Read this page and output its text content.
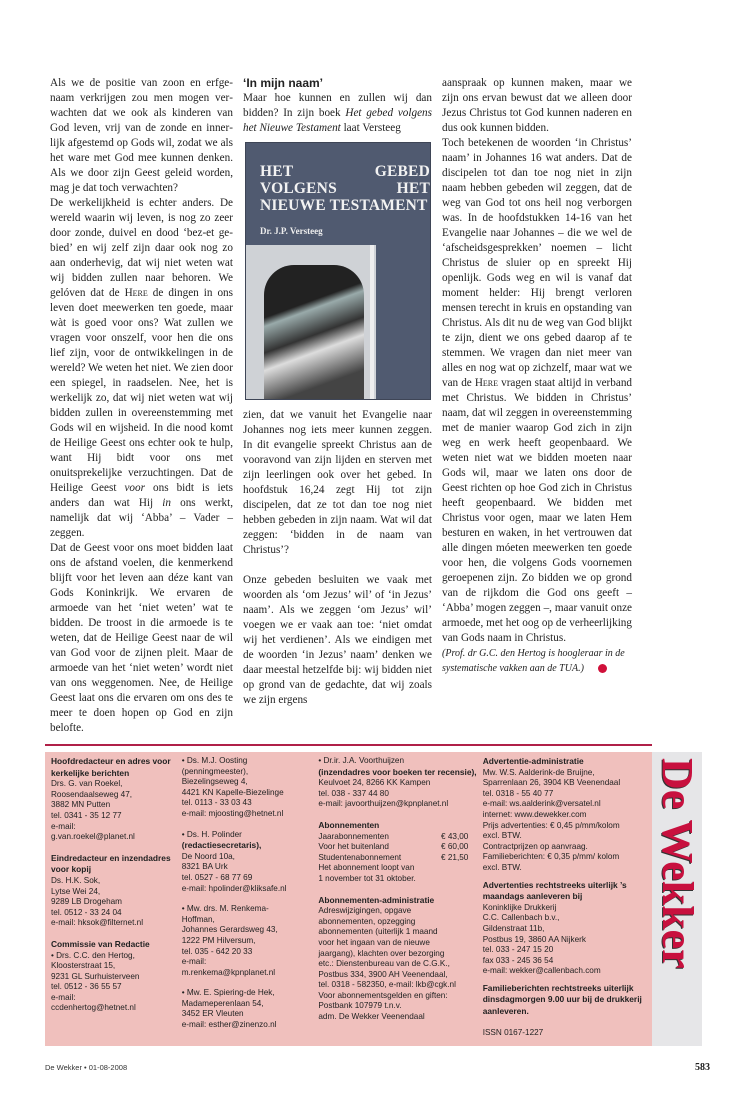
Als we de positie van zoon en erfgenaam verkrijgen zou men mogen verwachten dat we ook als kinderen van God leven, vrij van de zonde en innerlijk afgestemd op Gods wil, zodat we als het ware met God mee kunnen denken. Als we door zijn Geest geleid worden, mag je dat toch verwachten?

De werkelijkheid is echter anders. De wereld waarin wij leven, is nog zo zeer door zonde, duivel en dood ‘bez-et gebied’ en wij zelf zijn daar ook nog zo aan onderhevig, dat wij niet weten wat wij bidden zullen naar behoren. We gelóven dat de Here de dingen in ons leven doet meewerken ten goede, maar wàt is goed voor ons? Wat zullen we vragen voor onszelf, voor hen die ons lief zijn, voor de ontwikkelingen in de wereld? We weten het niet. We zien door een spiegel, in raadselen. Nee, het is werkelijk zo, dat wij niet weten wat wij bidden zullen in overeenstemming met Gods wil en wijsheid. In die nood komt de Heilige Geest ons echter ook te hulp, want Hij bidt voor ons met onuitsprekelijke verzuchtingen. Dat de Heilige Geest voor ons bidt is iets anders dan wat Hij in ons werkt, namelijk dat wij ‘Abba’ – Vader – zeggen.

Dat de Geest voor ons moet bidden laat ons de afstand voelen, die kenmerkend blijft voor het leven aan déze kant van Gods Koninkrijk. We ervaren de armoede van het ‘niet weten’ wat te bidden. De troost in die armoede is te weten, dat de Heilige Geest naar de wil van God voor de zijnen pleit. Maar de armoede van het ‘niet weten’ wordt niet van ons weggenomen. Nee, de Heilige Geest laat ons die ervaren om ons des te meer te doen hopen op God en zijn belofte.

‘In mijn naam’

Maar hoe kunnen en zullen wij dan bidden? In zijn boek Het gebed volgens het Nieuwe Testament laat Versteeg

HET GEBED VOLGENS HET NIEUWE TESTAMENT
Dr. J.P. Versteeg

zien, dat we vanuit het Evangelie naar Johannes nog iets meer kunnen zeggen. In dit evangelie spreekt Christus aan de vooravond van zijn lijden en sterven met zijn leerlingen ook over het gebed. In hoofdstuk 16,24 zegt Hij tot zijn discipelen, dat ze tot dan toe nog niet hebben gebeden in zijn naam. Wat wil dat zeggen: ‘bidden in de naam van Christus’?

Onze gebeden besluiten we vaak met woorden als ‘om Jezus’ wil’ of ‘in Jezus’ naam’. Als we zeggen ‘om Jezus’ wil’ voegen we er vaak aan toe: ‘niet omdat wij het verdienen’. Als we eindigen met de woorden ‘in Jezus’ naam’ denken we daar meestal hetzelfde bij: wij bidden niet op grond van de gedachte, dat wij zoals we zijn ergens

aanspraak op kunnen maken, maar we zijn ons ervan bewust dat we alleen door Jezus Christus tot God kunnen naderen en dus ook kunnen bidden.

Toch betekenen de woorden ‘in Christus’ naam’ in Johannes 16 wat anders. Dat de discipelen tot dan toe nog niet in zijn naam hebben gebeden wil zeggen, dat de weg van God tot ons heil nog verborgen was. In de hoofdstukken 14-16 van het Evangelie naar Johannes – die we wel de ‘afscheidsgesprekken’ noemen – licht Christus de sluier op en spreekt Hij openlijk. Gods weg en wil is vanaf dat moment helder: Hij brengt verloren mensen terecht in kruis en opstanding van Christus. Als dit nu de weg van God blijkt te zijn, dient we ons gebed daarop af te stemmen. We vragen dan niet meer van alles en nog wat op zichzelf, maar wat we van de Here vragen staat altijd in verband met Christus. We bidden in Christus’ naam, dat wil zeggen in overeenstemming met de manier waarop God zich in zijn weg en werk heeft geopenbaard. We weten niet wat we bidden moeten naar Gods wil, maar we laten ons door de Geest richten op hoe God zich in Christus heeft geopenbaard. We bidden met Christus voor ogen, maar we laten Hem besturen en waken, in het vertrouwen dat alle dingen móeten meewerken ten goede voor hen, die volgens Gods voornemen geroepenen zijn. Zo bidden we op grond van de rijkdom die God ons geeft – ‘Abba’ mogen zeggen –, maar vanuit onze armoede, met het oog op de verheerlijking van Gods naam in Christus.

(Prof. dr G.C. den Hertog is hoogleraar in de systematische vakken aan de TUA.)

Hoofdredacteur en adres voor kerkelijke berichten
Drs. G. van Roekel,
Roosendaalseweg 47,
3882 MN Putten
tel. 0341 - 35 12 77
e-mail:
g.van.roekel@planet.nl
Eindredacteur en inzendadres voor kopij
Ds. H.K. Sok,
Lytse Wei 24,
9289 LB Drogeham
tel. 0512 - 33 24 04
e-mail: hksok@filternet.nl
Commissie van Redactie
• Drs. C.C. den Hertog,
Kloosterstraat 15,
9231 GL Surhuisterveen
tel. 0512 - 36 55 57
e-mail:
ccdenhertog@hetnet.nl
• Ds. M.J. Oosting
(penningmeester),
Biezelingseweg 4,
4421 KN Kapelle-Biezelinge
tel. 0113 - 33 03 43
e-mail: mjoosting@hetnet.nl
• Ds. H. Polinder
(redactiesecretaris),
De Noord 10a,
8321 BA Urk
tel. 0527 - 68 77 69
e-mail: hpolinder@kliksafe.nl
• Mw. drs. M. Renkema-
Hoffman,
Johannes Gerardsweg 43,
1222 PM Hilversum,
tel. 035 - 642 20 33
e-mail:
m.renkema@kpnplanet.nl
• Mw. E. Spiering-de Hek,
Madameperenlaan 54,
3452 ER Vleuten
e-mail: esther@zinenzo.nl
• Dr.ir. J.A. Voorthuijzen
(inzendadres voor boeken ter recensie),
Keulvoet 24, 8266 KK Kampen
tel. 038 - 337 44 80
e-mail: javoorthuijzen@kpnplanet.nl
Abonnementen
Jaarabonnementen	€ 43,00
Voor het buitenland	€ 60,00
Studentenabonnement	€ 21,50
Het abonnement loopt van
1 november tot 31 oktober.
Abonnementen-administratie
Adreswijzigingen, opgave
abonnementen, opzegging
abonnementen (uiterlijk 1 maand
voor het ingaan van de nieuwe
jaargang), klachten over bezorging
etc.: Dienstenbureau van de C.G.K.,
Postbus 334, 3900 AH Veenendaal,
tel. 0318 - 582350, e-mail: lkb@cgk.nl
Voor abonnementsgelden en giften:
Postbank 107979 t.n.v.
adm. De Wekker Veenendaal
Advertentie-administratie
Mw. W.S. Aalderink-de Bruijne,
Sparrenlaan 26, 3904 KB Veenendaal
tel. 0318 - 55 40 77
e-mail: ws.aalderink@versatel.nl
internet: www.dewekker.com
Prijs advertenties: € 0,45 p/mm/kolom
excl. BTW.
Contractprijzen op aanvraag.
Familieberichten: € 0,35 p/mm/ kolom
excl. BTW.
Advertenties rechtstreeks uiterlijk ’s maandags aanleveren bij
Koninklijke Drukkerij
C.C. Callenbach b.v.,
Gildenstraat 11b,
Postbus 19, 3860 AA Nijkerk
tel. 033 - 247 15 20
fax 033 - 245 36 54
e-mail: wekker@callenbach.com
Familieberichten rechtstreeks uiterlijk dinsdagmorgen 9.00 uur bij de drukkerij aanleveren.
ISSN 0167-1227
De Wekker
De Wekker • 01-08-2008	583
